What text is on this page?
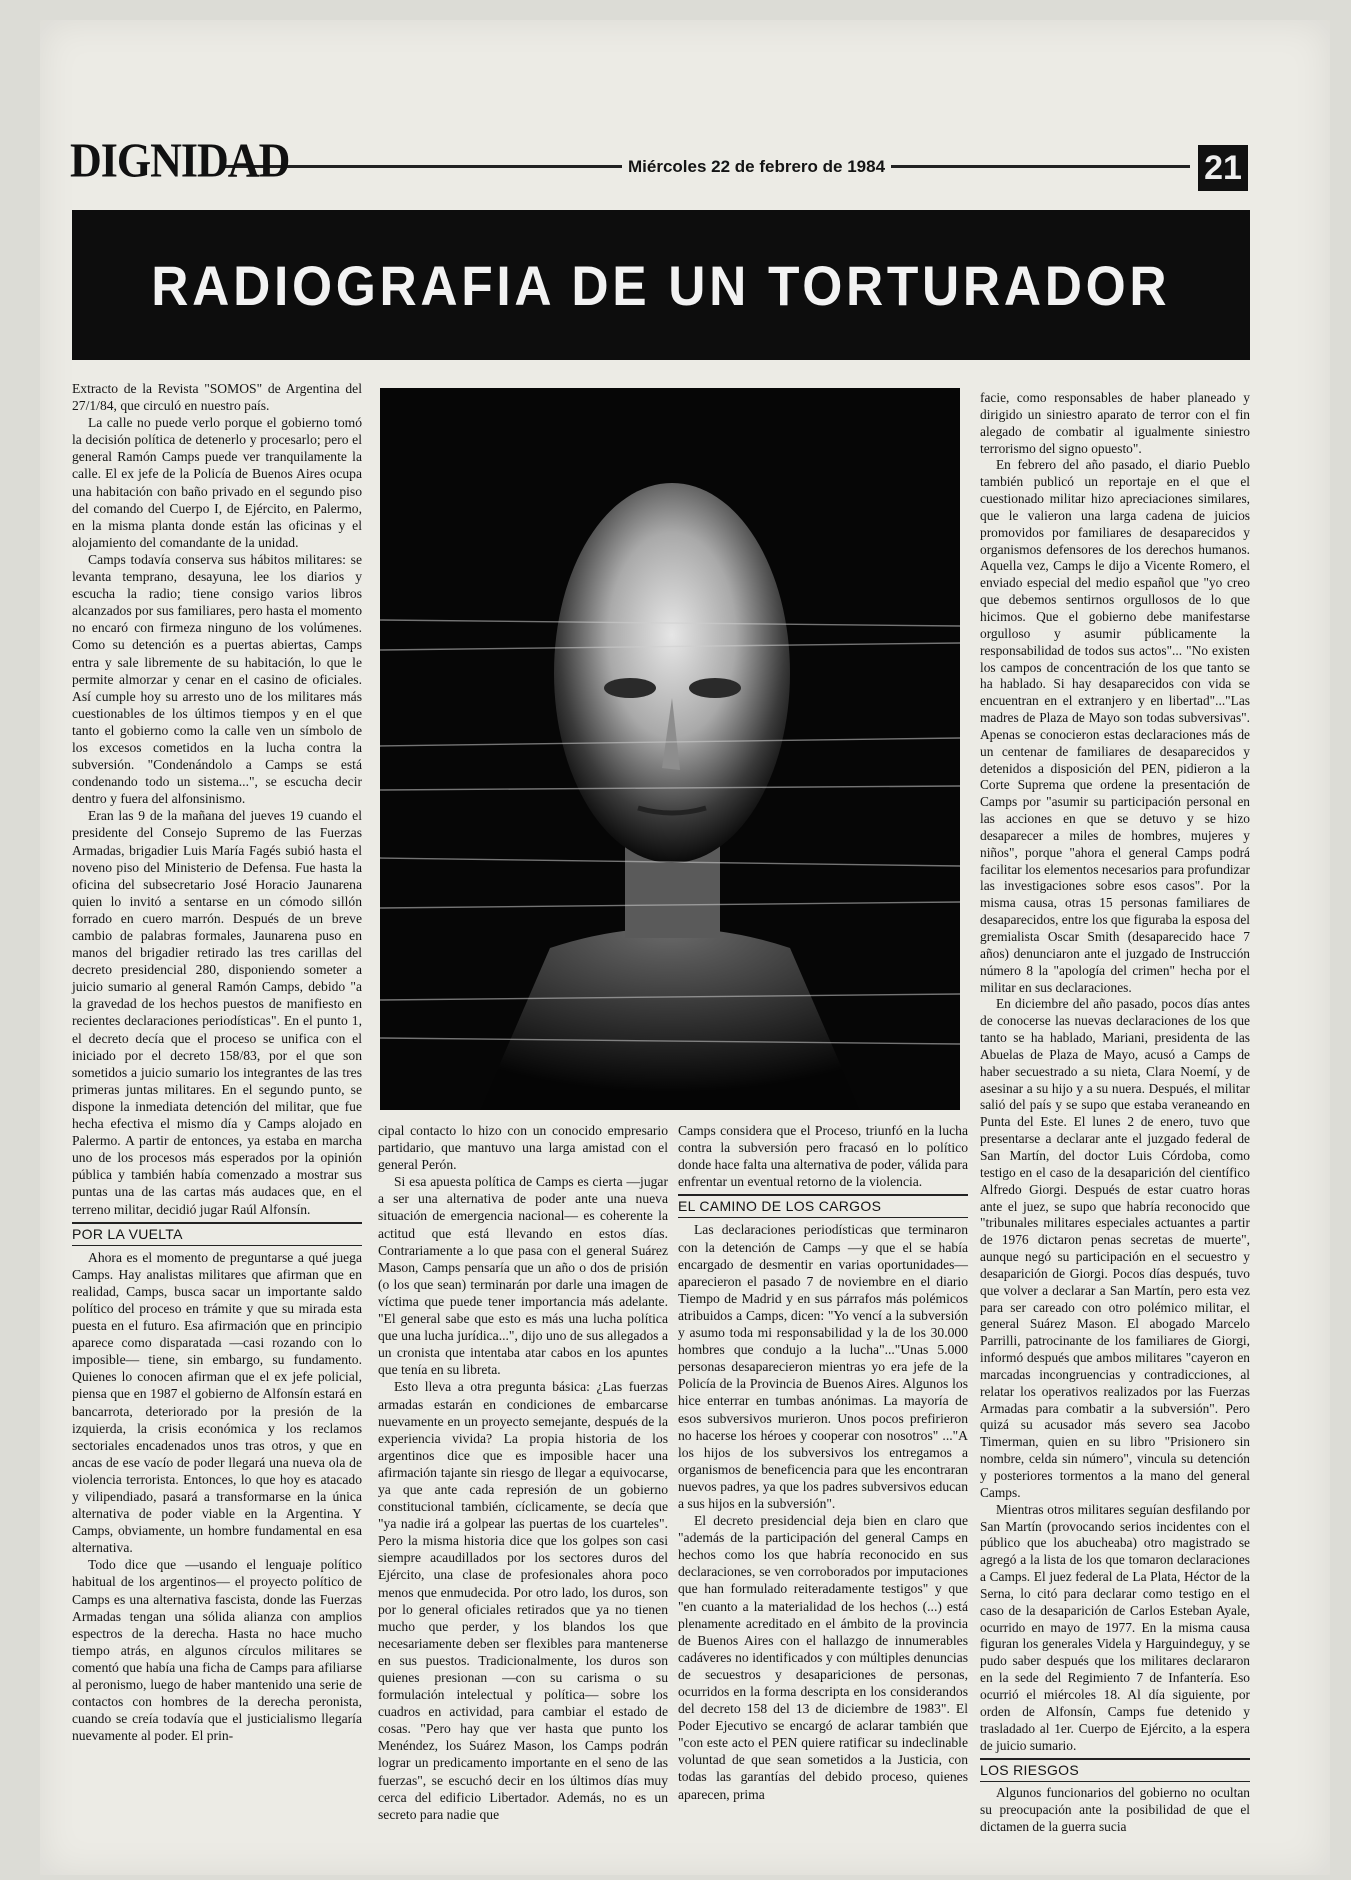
DIGNIDAD	Miércoles 22 de febrero de 1984	21
RADIOGRAFIA DE UN TORTURADOR

Extracto de la Revista "SOMOS" de Argentina del 27/1/84, que circuló en nuestro país.

La calle no puede verlo porque el gobierno tomó la decisión política de detenerlo y procesarlo; pero el general Ramón Camps puede ver tranquilamente la calle. El ex jefe de la Policía de Buenos Aires ocupa una habitación con baño privado en el segundo piso del comando del Cuerpo I, de Ejército, en Palermo, en la misma planta donde están las oficinas y el alojamiento del comandante de la unidad.

Camps todavía conserva sus hábitos militares: se levanta temprano, desayuna, lee los diarios y escucha la radio; tiene consigo varios libros alcanzados por sus familiares, pero hasta el momento no encaró con firmeza ninguno de los volúmenes. Como su detención es a puertas abiertas, Camps entra y sale libremente de su habitación, lo que le permite almorzar y cenar en el casino de oficiales. Así cumple hoy su arresto uno de los militares más cuestionables de los últimos tiempos y en el que tanto el gobierno como la calle ven un símbolo de los excesos cometidos en la lucha contra la subversión. "Condenándolo a Camps se está condenando todo un sistema...", se escucha decir dentro y fuera del alfonsinismo.

Eran las 9 de la mañana del jueves 19 cuando el presidente del Consejo Supremo de las Fuerzas Armadas, brigadier Luis María Fagés subió hasta el noveno piso del Ministerio de Defensa. Fue hasta la oficina del subsecretario José Horacio Jaunarena quien lo invitó a sentarse en un cómodo sillón forrado en cuero marrón. Después de un breve cambio de palabras formales, Jaunarena puso en manos del brigadier retirado las tres carillas del decreto presidencial 280, disponiendo someter a juicio sumario al general Ramón Camps, debido "a la gravedad de los hechos puestos de manifiesto en recientes declaraciones periodísticas". En el punto 1, el decreto decía que el proceso se unifica con el iniciado por el decreto 158/83, por el que son sometidos a juicio sumario los integrantes de las tres primeras juntas militares. En el segundo punto, se dispone la inmediata detención del militar, que fue hecha efectiva el mismo día y Camps alojado en Palermo. A partir de entonces, ya estaba en marcha uno de los procesos más esperados por la opinión pública y también había comenzado a mostrar sus puntas una de las cartas más audaces que, en el terreno militar, decidió jugar Raúl Alfonsín.

POR LA VUELTA

Ahora es el momento de preguntarse a qué juega Camps. Hay analistas militares que afirman que en realidad, Camps, busca sacar un importante saldo político del proceso en trámite y que su mirada esta puesta en el futuro. Esa afirmación que en principio aparece como disparatada —casi rozando con lo imposible— tiene, sin embargo, su fundamento. Quienes lo conocen afirman que el ex jefe policial, piensa que en 1987 el gobierno de Alfonsín estará en bancarrota, deteriorado por la presión de la izquierda, la crisis económica y los reclamos sectoriales encadenados unos tras otros, y que en ancas de ese vacío de poder llegará una nueva ola de violencia terrorista. Entonces, lo que hoy es atacado y vilipendiado, pasará a transformarse en la única alternativa de poder viable en la Argentina. Y Camps, obviamente, un hombre fundamental en esa alternativa.

Todo dice que —usando el lenguaje político habitual de los argentinos— el proyecto político de Camps es una alternativa fascista, donde las Fuerzas Armadas tengan una sólida alianza con amplios espectros de la derecha. Hasta no hace mucho tiempo atrás, en algunos círculos militares se comentó que había una ficha de Camps para afiliarse al peronismo, luego de haber mantenido una serie de contactos con hombres de la derecha peronista, cuando se creía todavía que el justicialismo llegaría nuevamente al poder. El prin-

cipal contacto lo hizo con un conocido empresario partidario, que mantuvo una larga amistad con el general Perón.

Si esa apuesta política de Camps es cierta —jugar a ser una alternativa de poder ante una nueva situación de emergencia nacional— es coherente la actitud que está llevando en estos días. Contrariamente a lo que pasa con el general Suárez Mason, Camps pensaría que un año o dos de prisión (o los que sean) terminarán por darle una imagen de víctima que puede tener importancia más adelante. "El general sabe que esto es más una lucha política que una lucha jurídica...", dijo uno de sus allegados a un cronista que intentaba atar cabos en los apuntes que tenía en su libreta.

Esto lleva a otra pregunta básica: ¿Las fuerzas armadas estarán en condiciones de embarcarse nuevamente en un proyecto semejante, después de la experiencia vivida? La propia historia de los argentinos dice que es imposible hacer una afirmación tajante sin riesgo de llegar a equivocarse, ya que ante cada represión de un gobierno constitucional también, cíclicamente, se decía que "ya nadie irá a golpear las puertas de los cuarteles". Pero la misma historia dice que los golpes son casi siempre acaudillados por los sectores duros del Ejército, una clase de profesionales ahora poco menos que enmudecida. Por otro lado, los duros, son por lo general oficiales retirados que ya no tienen mucho que perder, y los blandos los que necesariamente deben ser flexibles para mantenerse en sus puestos. Tradicionalmente, los duros son quienes presionan —con su carisma o su formulación intelectual y política— sobre los cuadros en actividad, para cambiar el estado de cosas. "Pero hay que ver hasta que punto los Menéndez, los Suárez Mason, los Camps podrán lograr un predicamento importante en el seno de las fuerzas", se escuchó decir en los últimos días muy cerca del edificio Libertador. Además, no es un secreto para nadie que

Camps considera que el Proceso, triunfó en la lucha contra la subversión pero fracasó en lo político donde hace falta una alternativa de poder, válida para enfrentar un eventual retorno de la violencia.

EL CAMINO DE LOS CARGOS

Las declaraciones periodísticas que terminaron con la detención de Camps —y que el se había encargado de desmentir en varias oportunidades— aparecieron el pasado 7 de noviembre en el diario Tiempo de Madrid y en sus párrafos más polémicos atribuidos a Camps, dicen: "Yo vencí a la subversión y asumo toda mi responsabilidad y la de los 30.000 hombres que condujo a la lucha"..."Unas 5.000 personas desaparecieron mientras yo era jefe de la Policía de la Provincia de Buenos Aires. Algunos los hice enterrar en tumbas anónimas. La mayoría de esos subversivos murieron. Unos pocos prefirieron no hacerse los héroes y cooperar con nosotros" ..."A los hijos de los subversivos los entregamos a organismos de beneficencia para que les encontraran nuevos padres, ya que los padres subversivos educan a sus hijos en la subversión".

El decreto presidencial deja bien en claro que "además de la participación del general Camps en hechos como los que habría reconocido en sus declaraciones, se ven corroborados por imputaciones que han formulado reiteradamente testigos" y que "en cuanto a la materialidad de los hechos (...) está plenamente acreditado en el ámbito de la provincia de Buenos Aires con el hallazgo de innumerables cadáveres no identificados y con múltiples denuncias de secuestros y desapariciones de personas, ocurridos en la forma descripta en los considerandos del decreto 158 del 13 de diciembre de 1983". El Poder Ejecutivo se encargó de aclarar también que "con este acto el PEN quiere ratificar su indeclinable voluntad de que sean sometidos a la Justicia, con todas las garantías del debido proceso, quienes aparecen, prima

facie, como responsables de haber planeado y dirigido un siniestro aparato de terror con el fin alegado de combatir al igualmente siniestro terrorismo del signo opuesto".

En febrero del año pasado, el diario Pueblo también publicó un reportaje en el que el cuestionado militar hizo apreciaciones similares, que le valieron una larga cadena de juicios promovidos por familiares de desaparecidos y organismos defensores de los derechos humanos. Aquella vez, Camps le dijo a Vicente Romero, el enviado especial del medio español que "yo creo que debemos sentirnos orgullosos de lo que hicimos. Que el gobierno debe manifestarse orgulloso y asumir públicamente la responsabilidad de todos sus actos"... "No existen los campos de concentración de los que tanto se ha hablado. Si hay desaparecidos con vida se encuentran en el extranjero y en libertad"..."Las madres de Plaza de Mayo son todas subversivas". Apenas se conocieron estas declaraciones más de un centenar de familiares de desaparecidos y detenidos a disposición del PEN, pidieron a la Corte Suprema que ordene la presentación de Camps por "asumir su participación personal en las acciones en que se detuvo y se hizo desaparecer a miles de hombres, mujeres y niños", porque "ahora el general Camps podrá facilitar los elementos necesarios para profundizar las investigaciones sobre esos casos". Por la misma causa, otras 15 personas familiares de desaparecidos, entre los que figuraba la esposa del gremialista Oscar Smith (desaparecido hace 7 años) denunciaron ante el juzgado de Instrucción número 8 la "apología del crimen" hecha por el militar en sus declaraciones.

En diciembre del año pasado, pocos días antes de conocerse las nuevas declaraciones de los que tanto se ha hablado, Mariani, presidenta de las Abuelas de Plaza de Mayo, acusó a Camps de haber secuestrado a su nieta, Clara Noemí, y de asesinar a su hijo y a su nuera. Después, el militar salió del país y se supo que estaba veraneando en Punta del Este. El lunes 2 de enero, tuvo que presentarse a declarar ante el juzgado federal de San Martín, del doctor Luis Córdoba, como testigo en el caso de la desaparición del científico Alfredo Giorgi. Después de estar cuatro horas ante el juez, se supo que habría reconocido que "tribunales militares especiales actuantes a partir de 1976 dictaron penas secretas de muerte", aunque negó su participación en el secuestro y desaparición de Giorgi. Pocos días después, tuvo que volver a declarar a San Martín, pero esta vez para ser careado con otro polémico militar, el general Suárez Mason. El abogado Marcelo Parrilli, patrocinante de los familiares de Giorgi, informó después que ambos militares "cayeron en marcadas incongruencias y contradicciones, al relatar los operativos realizados por las Fuerzas Armadas para combatir a la subversión". Pero quizá su acusador más severo sea Jacobo Timerman, quien en su libro "Prisionero sin nombre, celda sin número", vincula su detención y posteriores tormentos a la mano del general Camps.

Mientras otros militares seguían desfilando por San Martín (provocando serios incidentes con el público que los abucheaba) otro magistrado se agregó a la lista de los que tomaron declaraciones a Camps. El juez federal de La Plata, Héctor de la Serna, lo citó para declarar como testigo en el caso de la desaparición de Carlos Esteban Ayale, ocurrido en mayo de 1977. En la misma causa figuran los generales Videla y Harguindeguy, y se pudo saber después que los militares declararon en la sede del Regimiento 7 de Infantería. Eso ocurrió el miércoles 18. Al día siguiente, por orden de Alfonsín, Camps fue detenido y trasladado al 1er. Cuerpo de Ejército, a la espera de juicio sumario.

LOS RIESGOS

Algunos funcionarios del gobierno no ocultan su preocupación ante la posibilidad de que el dictamen de la guerra sucia
